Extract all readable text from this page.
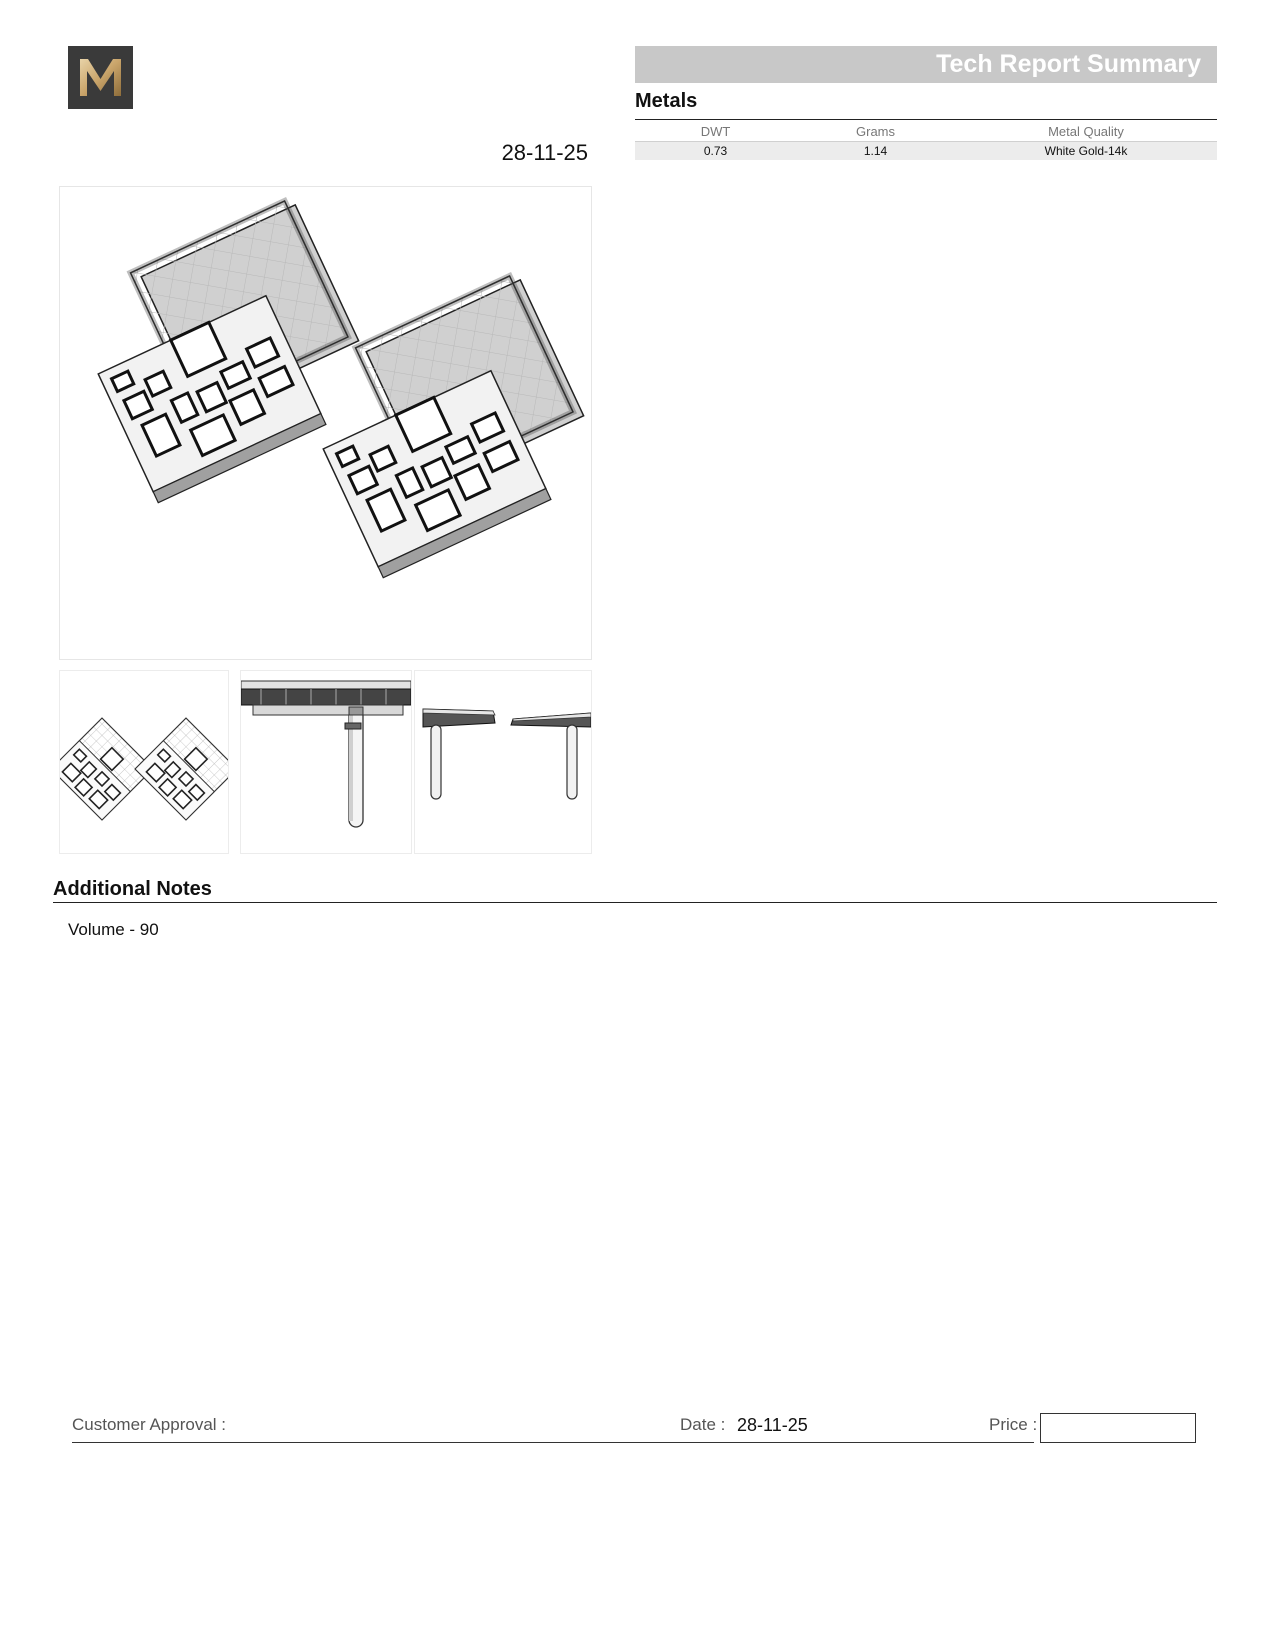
28-11-25
Tech Report Summary
Metals
DWT	Grams	Metal Quality
0.73	1.14	White Gold-14k
Additional Notes
Volume - 90
Customer Approval :	Date : 28-11-25	Price :
